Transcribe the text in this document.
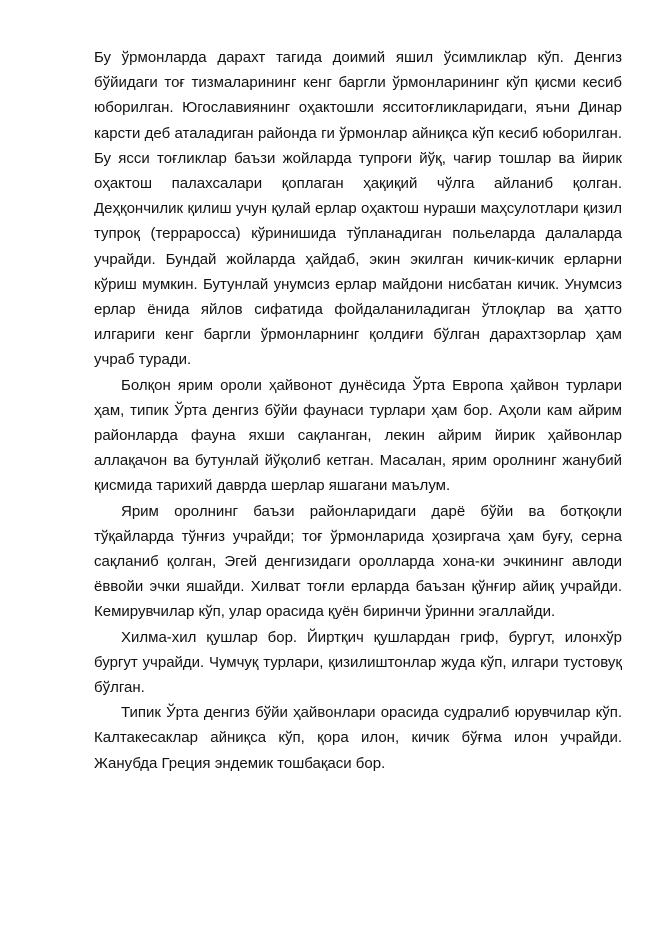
Бу ўрмонларда дарахт тагида доимий яшил ўсимликлар кўп. Денгиз бўйидаги тоғ тизмаларининг кенг баргли ўрмонларининг кўп қисми кесиб юборилган. Югославиянинг оҳактошли ясситоғликларидаги, яъни Динар карсти деб аталадиган районда ги ўрмонлар айниқса кўп кесиб юборилган. Бу ясси тоғликлар баъзи жойларда тупроғи йўқ, чағир тошлар ва йирик оҳактош палахсалари қоплаган ҳақиқий чўлга айланиб қолган. Деҳқончилик қилиш учун қулай ерлар оҳактош нураши маҳсулотлари қизил тупроқ (терраросса) кўринишида тўпланадиган польеларда далаларда учрайди. Бундай жойларда ҳайдаб, экин экилган кичик-кичик ерларни кўриш мумкин. Бутунлай унумсиз ерлар майдони нисбатан кичик. Унумсиз ерлар ёнида яйлов сифатида фойдаланиладиган ўтлоқлар ва ҳатто илгариги кенг баргли ўрмонларнинг қолдиғи бўлган дарахтзорлар ҳам учраб туради.

Болқон ярим ороли ҳайвонот дунёсида Ўрта Европа ҳайвон турлари ҳам, типик Ўрта денгиз бўйи фаунаси турлари ҳам бор. Аҳоли кам айрим районларда фауна яхши сақланган, лекин айрим йирик ҳайвонлар аллақачон ва бутунлай йўқолиб кетган. Масалан, ярим оролнинг жанубий қисмида тарихий даврда шерлар яшагани маълум.

Ярим оролнинг баъзи районларидаги дарё бўйи ва ботқоқли тўқайларда тўнғиз учрайди; тоғ ўрмонларида ҳозиргача ҳам буғу, серна сақланиб қолган, Эгей денгизидаги оролларда хона-ки эчкининг авлоди ёввойи эчки яшайди. Хилват тоғли ерларда баъзан қўнғир айиқ учрайди. Кемирувчилар кўп, улар орасида қуён биринчи ўринни эгаллайди.

Хилма-хил қушлар бор. Йиртқич қушлардан гриф, бургут, илонхўр бургут учрайди. Чумчуқ турлари, қизилиштонлар жуда кўп, илгари тустовуқ бўлган.

Типик Ўрта денгиз бўйи ҳайвонлари орасида судралиб юрувчилар кўп. Калтакесаклар айниқса кўп, қора илон, кичик бўғма илон учрайди. Жанубда Греция эндемик тошбақаси бор.
